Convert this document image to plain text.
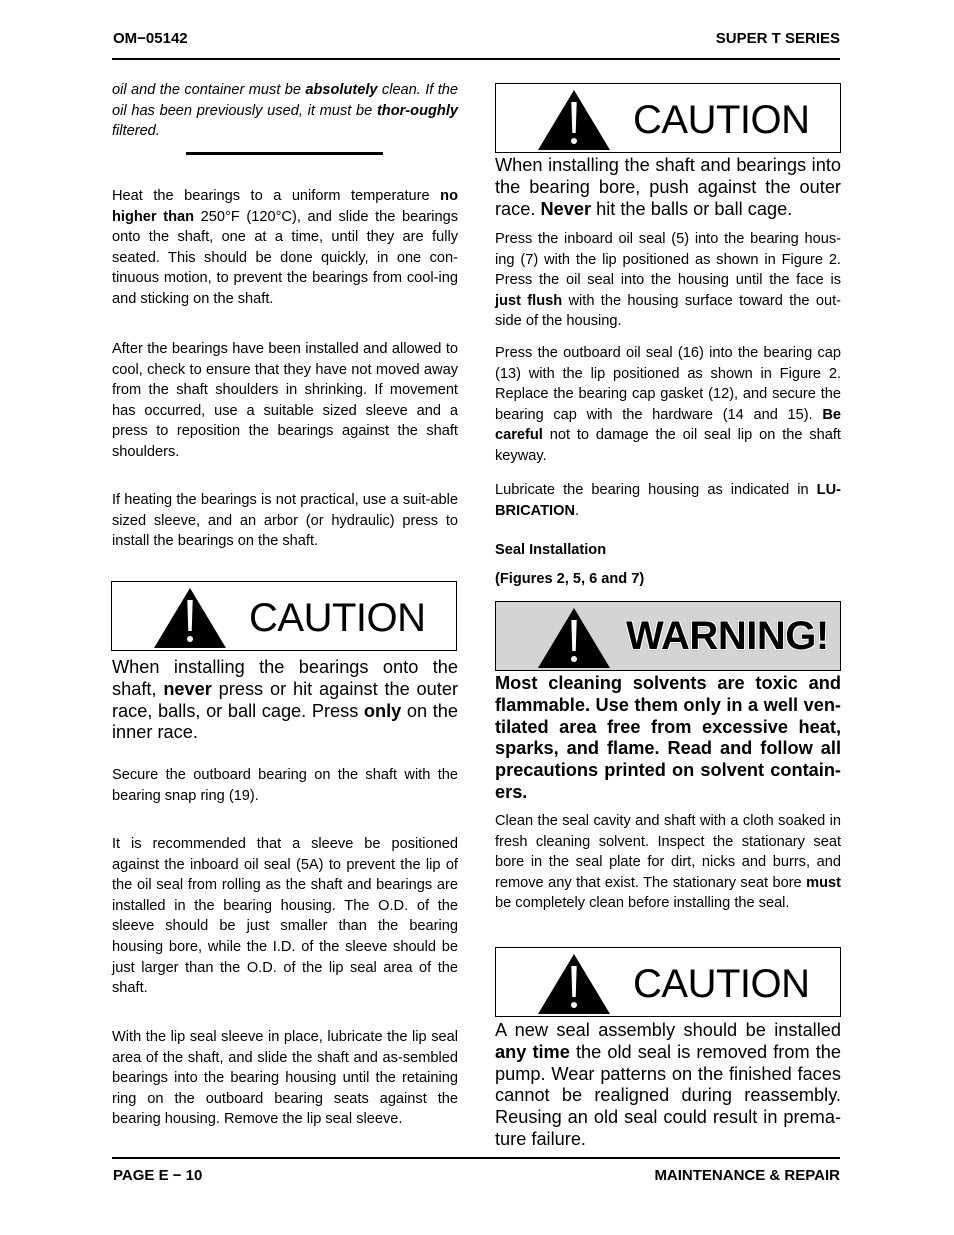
OM−05142	SUPER T SERIES
oil and the container must be absolutely clean. If the oil has been previously used, it must be thor-oughly filtered.
Heat the bearings to a uniform temperature no higher than 250°F (120°C), and slide the bearings onto the shaft, one at a time, until they are fully seated. This should be done quickly, in one con-tinuous motion, to prevent the bearings from cool-ing and sticking on the shaft.
After the bearings have been installed and allowed to cool, check to ensure that they have not moved away from the shaft shoulders in shrinking. If movement has occurred, use a suitable sized sleeve and a press to reposition the bearings against the shaft shoulders.
If heating the bearings is not practical, use a suit-able sized sleeve, and an arbor (or hydraulic) press to install the bearings on the shaft.
CAUTION
When installing the bearings onto the shaft, never press or hit against the outer race, balls, or ball cage. Press only on the inner race.
Secure the outboard bearing on the shaft with the bearing snap ring (19).
It is recommended that a sleeve be positioned against the inboard oil seal (5A) to prevent the lip of the oil seal from rolling as the shaft and bearings are installed in the bearing housing. The O.D. of the sleeve should be just smaller than the bearing housing bore, while the I.D. of the sleeve should be just larger than the O.D. of the lip seal area of the shaft.
With the lip seal sleeve in place, lubricate the lip seal area of the shaft, and slide the shaft and as-sembled bearings into the bearing housing until the retaining ring on the outboard bearing seats against the bearing housing. Remove the lip seal sleeve.
CAUTION
When installing the shaft and bearings into the bearing bore, push against the outer race. Never hit the balls or ball cage.
Press the inboard oil seal (5) into the bearing hous-ing (7) with the lip positioned as shown in Figure 2. Press the oil seal into the housing until the face is just flush with the housing surface toward the out-side of the housing.
Press the outboard oil seal (16) into the bearing cap (13) with the lip positioned as shown in Figure 2. Replace the bearing cap gasket (12), and secure the bearing cap with the hardware (14 and 15). Be careful not to damage the oil seal lip on the shaft keyway.
Lubricate the bearing housing as indicated in LU-BRICATION.
Seal Installation
(Figures 2, 5, 6 and 7)
WARNING!
Most cleaning solvents are toxic and flammable. Use them only in a well ven-tilated area free from excessive heat, sparks, and flame. Read and follow all precautions printed on solvent contain-ers.
Clean the seal cavity and shaft with a cloth soaked in fresh cleaning solvent. Inspect the stationary seat bore in the seal plate for dirt, nicks and burrs, and remove any that exist. The stationary seat bore must be completely clean before installing the seal.
CAUTION
A new seal assembly should be installed any time the old seal is removed from the pump. Wear patterns on the finished faces cannot be realigned during reassembly. Reusing an old seal could result in prema-ture failure.
PAGE E − 10	MAINTENANCE & REPAIR
